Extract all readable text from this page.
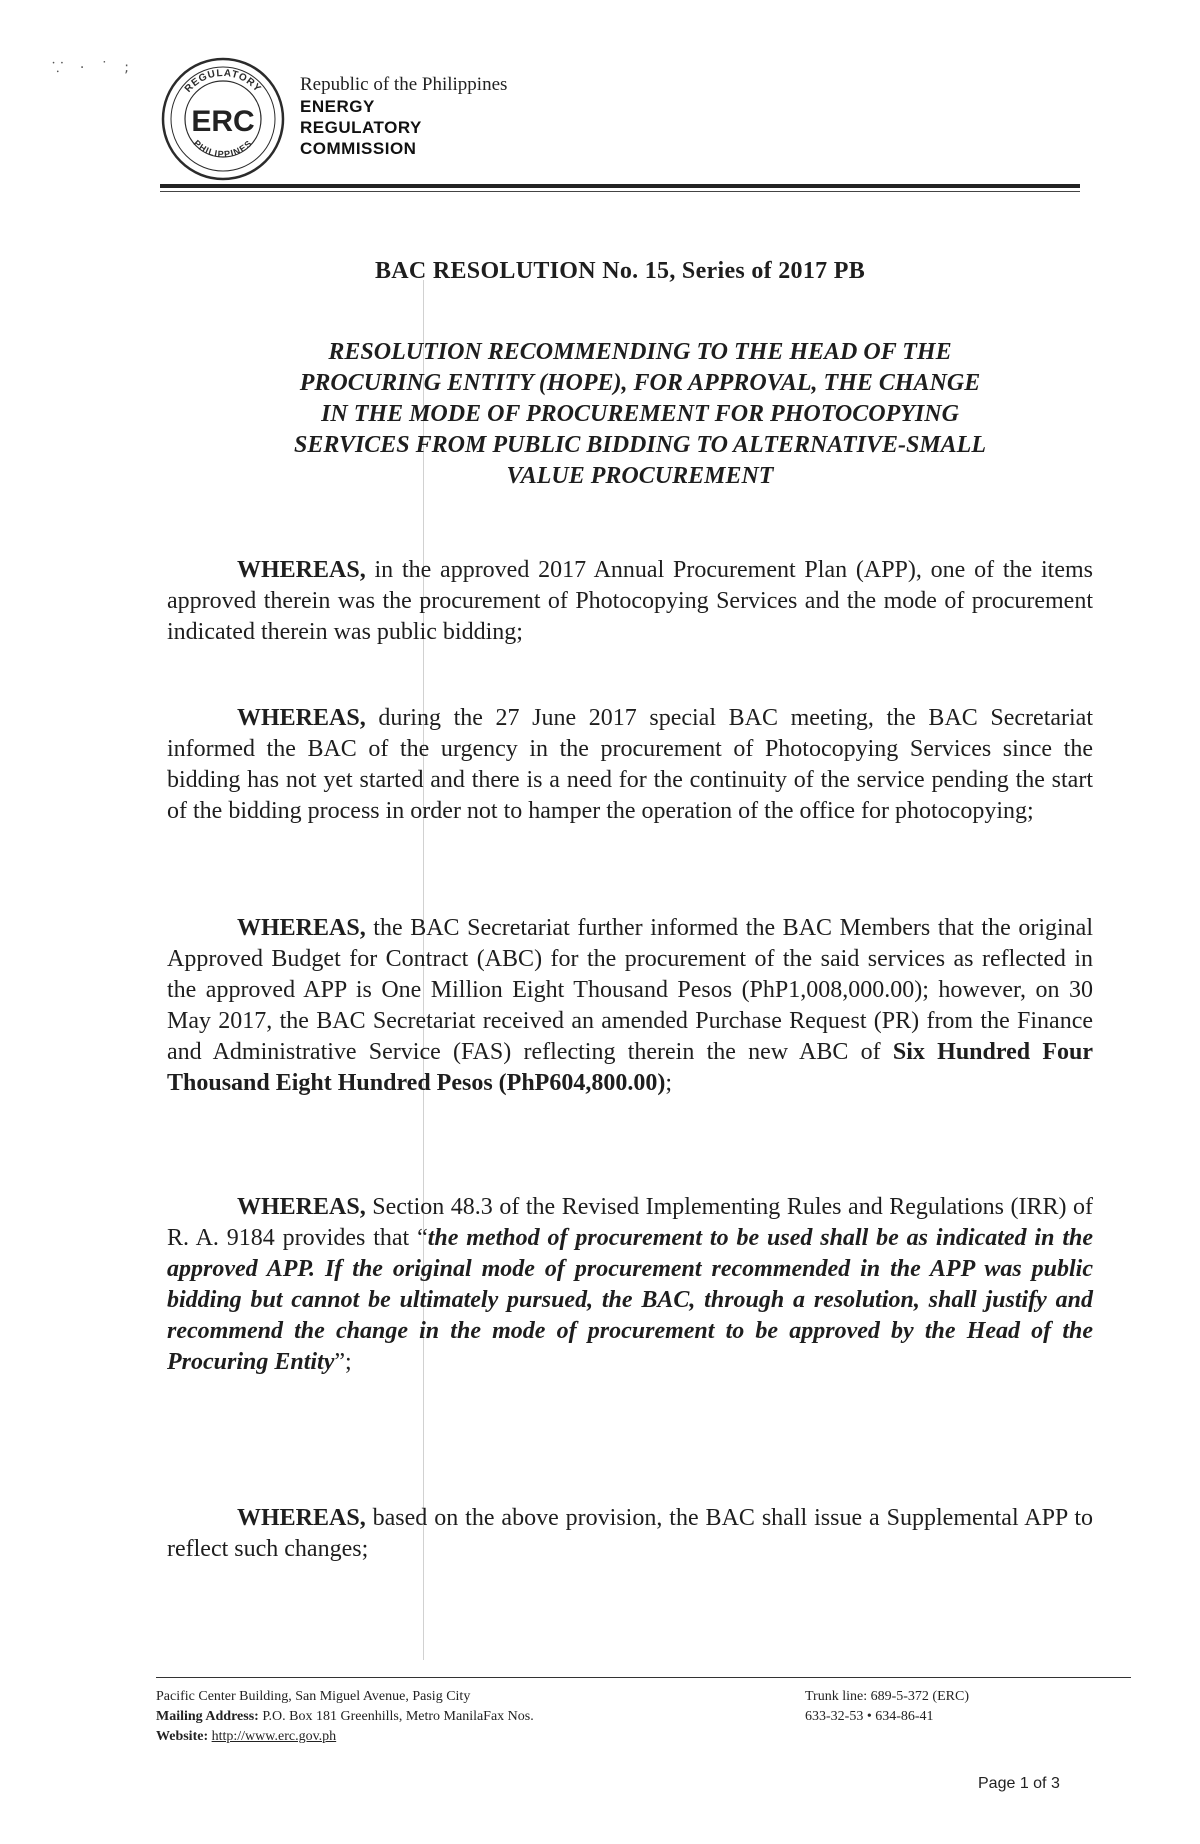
⸪ · ˙ ;
REGULATORY
PHILIPPINES
ERC
Republic of the Philippines
ENERGY
REGULATORY
COMMISSION
BAC RESOLUTION No. 15, Series of 2017 PB
RESOLUTION RECOMMENDING TO THE HEAD OF THE
PROCURING ENTITY (HOPE), FOR APPROVAL, THE CHANGE
IN THE MODE OF PROCUREMENT FOR PHOTOCOPYING
SERVICES FROM PUBLIC BIDDING TO ALTERNATIVE-SMALL
VALUE PROCUREMENT
WHEREAS, in the approved 2017 Annual Procurement Plan (APP), one of the items approved therein was the procurement of Photocopying Services and the mode of procurement indicated therein was public bidding;
WHEREAS, during the 27 June 2017 special BAC meeting, the BAC Secretariat informed the BAC of the urgency in the procurement of Photocopying Services since the bidding has not yet started and there is a need for the continuity of the service pending the start of the bidding process in order not to hamper the operation of the office for photocopying;
WHEREAS, the BAC Secretariat further informed the BAC Members that the original Approved Budget for Contract (ABC) for the procurement of the said services as reflected in the approved APP is One Million Eight Thousand Pesos (PhP1,008,000.00); however, on 30 May 2017, the BAC Secretariat received an amended Purchase Request (PR) from the Finance and Administrative Service (FAS) reflecting therein the new ABC of Six Hundred Four Thousand Eight Hundred Pesos (PhP604,800.00);
WHEREAS, Section 48.3 of the Revised Implementing Rules and Regulations (IRR) of R. A. 9184 provides that “the method of procurement to be used shall be as indicated in the approved APP. If the original mode of procurement recommended in the APP was public bidding but cannot be ultimately pursued, the BAC, through a resolution, shall justify and recommend the change in the mode of procurement to be approved by the Head of the Procuring Entity”;
WHEREAS, based on the above provision, the BAC shall issue a Supplemental APP to reflect such changes;
Pacific Center Building, San Miguel Avenue, Pasig City
Mailing Address: P.O. Box 181 Greenhills, Metro ManilaFax Nos.
Website: http://www.erc.gov.ph
Trunk line: 689-5-372 (ERC)
633-32-53 • 634-86-41
Page 1 of 3
